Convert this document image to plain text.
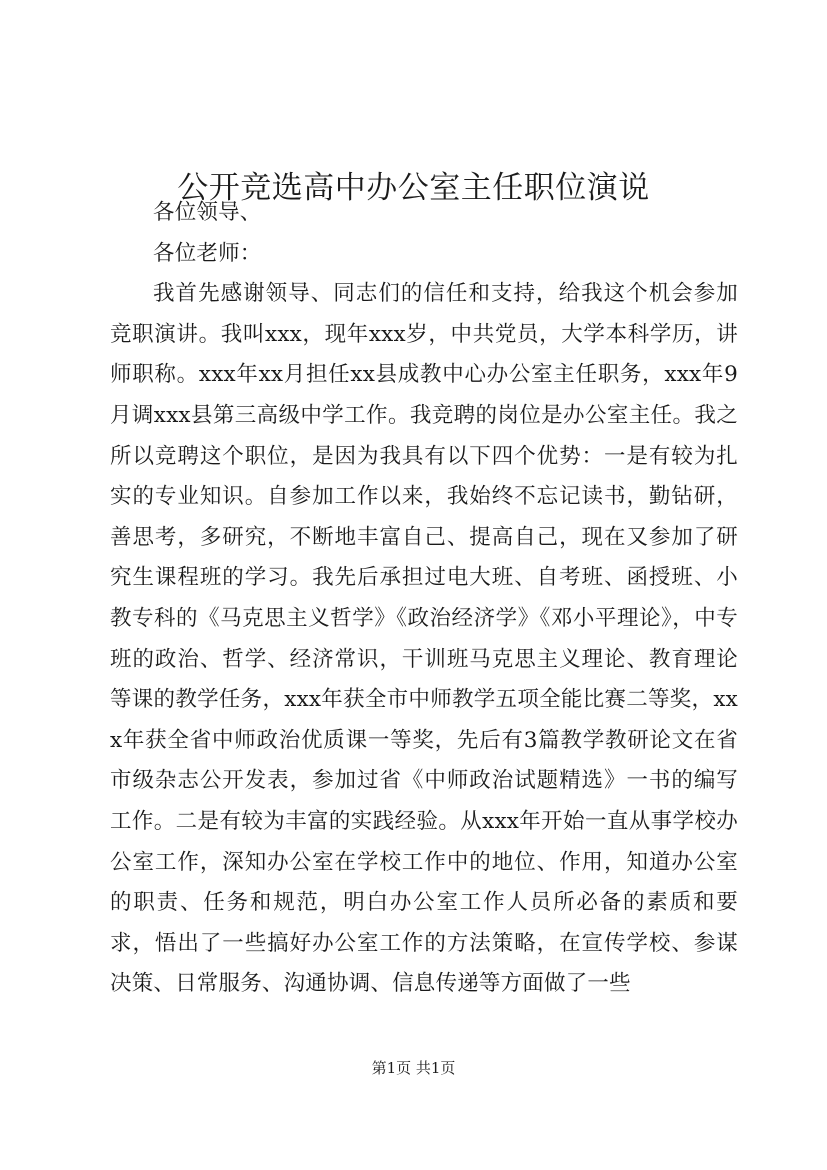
公开竞选高中办公室主任职位演说

各位领导、

各位老师：

我首先感谢领导、同志们的信任和支持，给我这个机会参加竞职演讲。我叫xxx，现年xxx岁，中共党员，大学本科学历，讲师职称。xxx年xx月担任xx县成教中心办公室主任职务，xxx年9月调xxx县第三高级中学工作。我竞聘的岗位是办公室主任。我之所以竞聘这个职位，是因为我具有以下四个优势：一是有较为扎实的专业知识。自参加工作以来，我始终不忘记读书，勤钻研，善思考，多研究，不断地丰富自己、提高自己，现在又参加了研究生课程班的学习。我先后承担过电大班、自考班、函授班、小教专科的《马克思主义哲学》《政治经济学》《邓小平理论》，中专班的政治、哲学、经济常识，干训班马克思主义理论、教育理论等课的教学任务，xxx年获全市中师教学五项全能比赛二等奖，xxx年获全省中师政治优质课一等奖，先后有3篇教学教研论文在省市级杂志公开发表，参加过省《中师政治试题精选》一书的编写工作。二是有较为丰富的实践经验。从xxx年开始一直从事学校办公室工作，深知办公室在学校工作中的地位、作用，知道办公室的职责、任务和规范，明白办公室工作人员所必备的素质和要求，悟出了一些搞好办公室工作的方法策略，在宣传学校、参谋决策、日常服务、沟通协调、信息传递等方面做了一些

第1页 共1页
